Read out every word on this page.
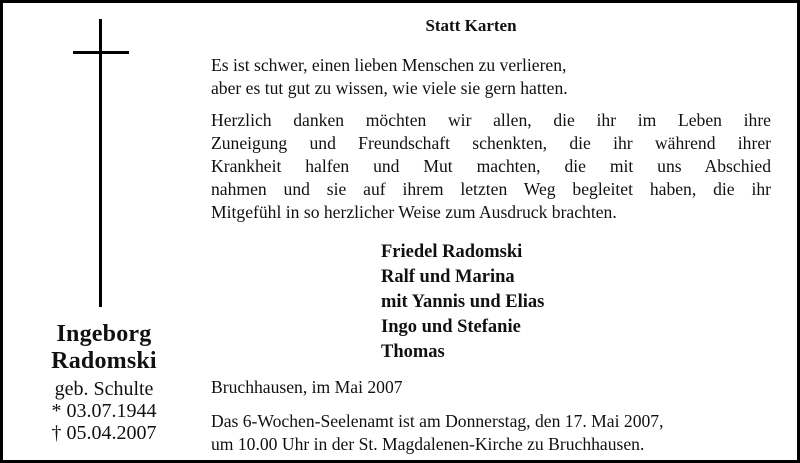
Ingeborg
Radomski
geb. Schulte
* 03.07.1944
† 05.04.2007
Statt Karten
Es ist schwer, einen lieben Menschen zu verlieren,
aber es tut gut zu wissen, wie viele sie gern hatten.
Herzlich danken möchten wir allen, die ihr im Leben ihre
Zuneigung und Freundschaft schenkten, die ihr während ihrer
Krankheit halfen und Mut machten, die mit uns Abschied
nahmen und sie auf ihrem letzten Weg begleitet haben, die ihr
Mitgefühl in so herzlicher Weise zum Ausdruck brachten.
Friedel Radomski
Ralf und Marina
mit Yannis und Elias
Ingo und Stefanie
Thomas
Bruchhausen, im Mai 2007
Das 6-Wochen-Seelenamt ist am Donnerstag, den 17. Mai 2007,
um 10.00 Uhr in der St. Magdalenen-Kirche zu Bruchhausen.
